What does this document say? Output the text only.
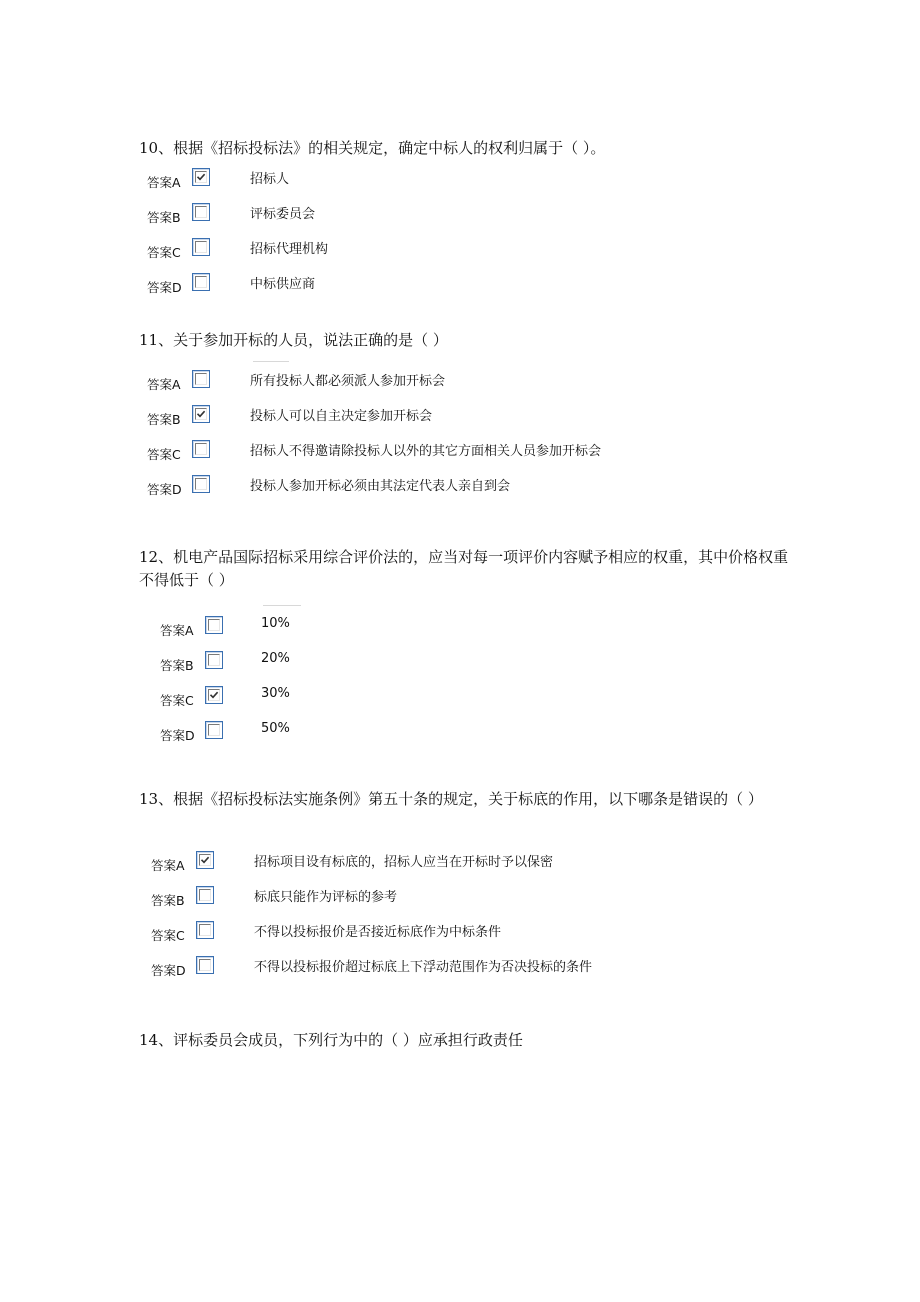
10、根据《招标投标法》的相关规定，确定中标人的权利归属于（ ）。

答案A	招标人
答案B	评标委员会
答案C	招标代理机构
答案D	中标供应商

11、关于参加开标的人员，说法正确的是（ ）

答案A	所有投标人都必须派人参加开标会
答案B	投标人可以自主决定参加开标会
答案C	招标人不得邀请除投标人以外的其它方面相关人员参加开标会
答案D	投标人参加开标必须由其法定代表人亲自到会

12、机电产品国际招标采用综合评价法的，应当对每一项评价内容赋予相应的权重，其中价格权重不得低于（ ）

答案A	10%
答案B	20%
答案C	30%
答案D	50%

13、根据《招标投标法实施条例》第五十条的规定，关于标底的作用，以下哪条是错误的（ ）

答案A	招标项目设有标底的，招标人应当在开标时予以保密
答案B	标底只能作为评标的参考
答案C	不得以投标报价是否接近标底作为中标条件
答案D	不得以投标报价超过标底上下浮动范围作为否决投标的条件

14、评标委员会成员，下列行为中的（ ）应承担行政责任
